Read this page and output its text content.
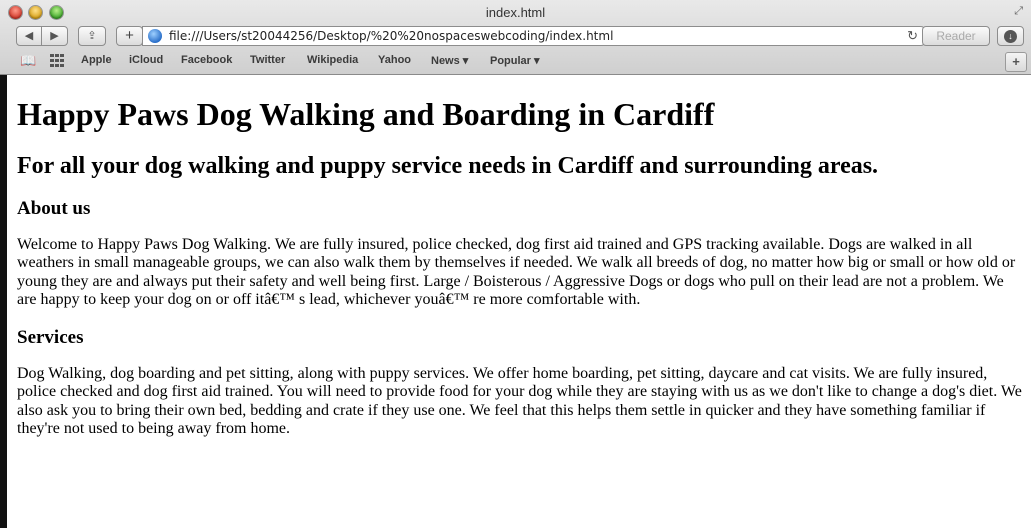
index.html	⤢
◀	▶	⇪	+	file:///Users/st20044256/Desktop/%20%20nospaceswebcoding/index.html	↻	Reader	↓
📖	Apple iCloud Facebook Twitter Wikipedia Yahoo News ▾ Popular ▾	+
Happy Paws Dog Walking and Boarding in Cardiff
For all your dog walking and puppy service needs in Cardiff and surrounding areas.
About us

Welcome to Happy Paws Dog Walking. We are fully insured, police checked, dog first aid trained and GPS tracking available. Dogs are walked in all weathers in small manageable groups, we can also walk them by themselves if needed. We walk all breeds of dog, no matter how big or small or how old or young they are and always put their safety and well being first. Large / Boisterous / Aggressive Dogs or dogs who pull on their lead are not a problem. We are happy to keep your dog on or off itâ€™ s lead, whichever youâ€™ re more comfortable with.

Services

Dog Walking, dog boarding and pet sitting, along with puppy services. We offer home boarding, pet sitting, daycare and cat visits. We are fully insured, police checked and dog first aid trained. You will need to provide food for your dog while they are staying with us as we don't like to change a dog's diet. We also ask you to bring their own bed, bedding and crate if they use one. We feel that this helps them settle in quicker and they have something familiar if they're not used to being away from home.
